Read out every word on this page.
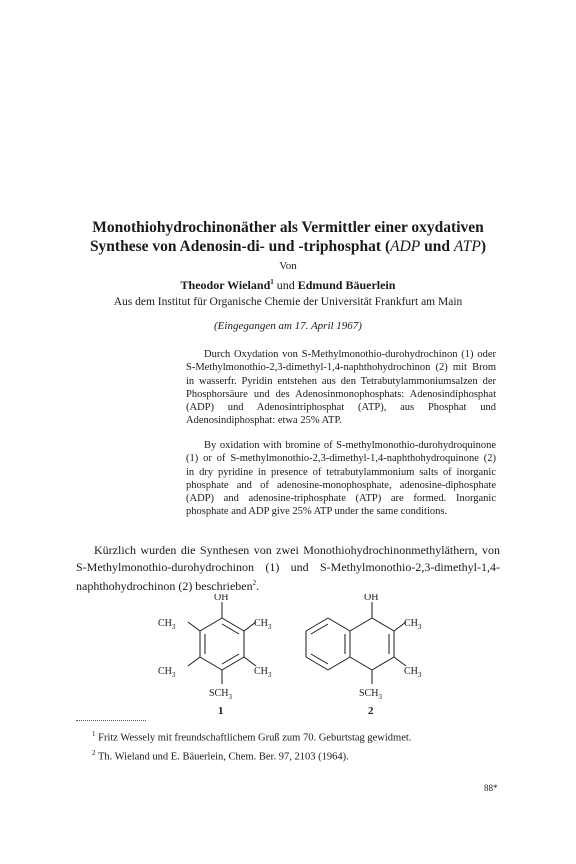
Monothiohydrochinonäther als Vermittler einer oxydativen
Synthese von Adenosin-di- und -triphosphat (ADP und ATP)
Von
Theodor Wieland$^1$ und Edmund Bäuerlein
Aus dem Institut für Organische Chemie der Universität Frankfurt am Main
(Eingegangen am 17. April 1967)
Durch Oxydation von S-Methylmonothio-durohydrochinon (1) oder S-Methylmonothio-2,3-dimethyl-1,4-naphthohydrochinon (2) mit Brom in wasserfr. Pyridin entstehen aus den Tetrabutylammoniumsalzen der Phosphorsäure und des Adenosinmonophosphats: Adenosindiphosphat (ADP) und Adenosintriphosphat (ATP), aus Phosphat und Adenosindiphosphat: etwa 25% ATP.
By oxidation with bromine of S-methylmonothio-durohydroquinone (1) or of S-methylmonothio-2,3-dimethyl-1,4-naphthohydroquinone (2) in dry pyridine in presence of tetrabutylammonium salts of inorganic phosphate and of adenosine-monophosphate, adenosine-diphosphate (ADP) and adenosine-triphosphate (ATP) are formed. Inorganic phosphate and ADP give 25% ATP under the same conditions.
Kürzlich wurden die Synthesen von zwei Monothiohydrochinonmethyläthern, von S-Methylmonothio-durohydrochinon (1) und S-Methylmonothio-2,3-dimethyl-1,4-naphthohydrochinon (2) beschrieben$^2$.
OH
$CH_3$	$CH_3$
$CH_3$	$CH_3$
$SCH_3$
1
OH
$CH_3$
$CH_3$
$SCH_3$
2

$^1$ Fritz Wessely mit freundschaftlichem Gruß zum 70. Geburtstag gewidmet.

$^2$ Th. Wieland und E. Bäuerlein, Chem. Ber. 97, 2103 (1964).

88*
